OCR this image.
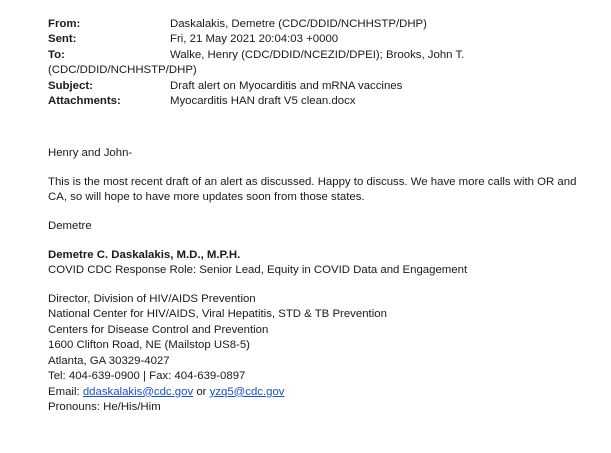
From:	Daskalakis, Demetre (CDC/DDID/NCHHSTP/DHP)
Sent:	Fri, 21 May 2021 20:04:03 +0000
To:	Walke, Henry (CDC/DDID/NCEZID/DPEI); Brooks, John T.
(CDC/DDID/NCHHSTP/DHP)
Subject:	Draft alert on Myocarditis and mRNA vaccines
Attachments:	Myocarditis HAN draft V5 clean.docx
Henry and John-
This is the most recent draft of an alert as discussed. Happy to discuss. We have more calls with OR and
CA, so will hope to have more updates soon from those states.
Demetre
Demetre C. Daskalakis, M.D., M.P.H.
COVID CDC Response Role: Senior Lead, Equity in COVID Data and Engagement
Director, Division of HIV/AIDS Prevention
National Center for HIV/AIDS, Viral Hepatitis, STD & TB Prevention
Centers for Disease Control and Prevention
1600 Clifton Road, NE (Mailstop US8-5)
Atlanta, GA 30329-4027
Tel: 404-639-0900 | Fax: 404-639-0897
Email: ddaskalakis@cdc.gov or yzq5@cdc.gov
Pronouns: He/His/Him
